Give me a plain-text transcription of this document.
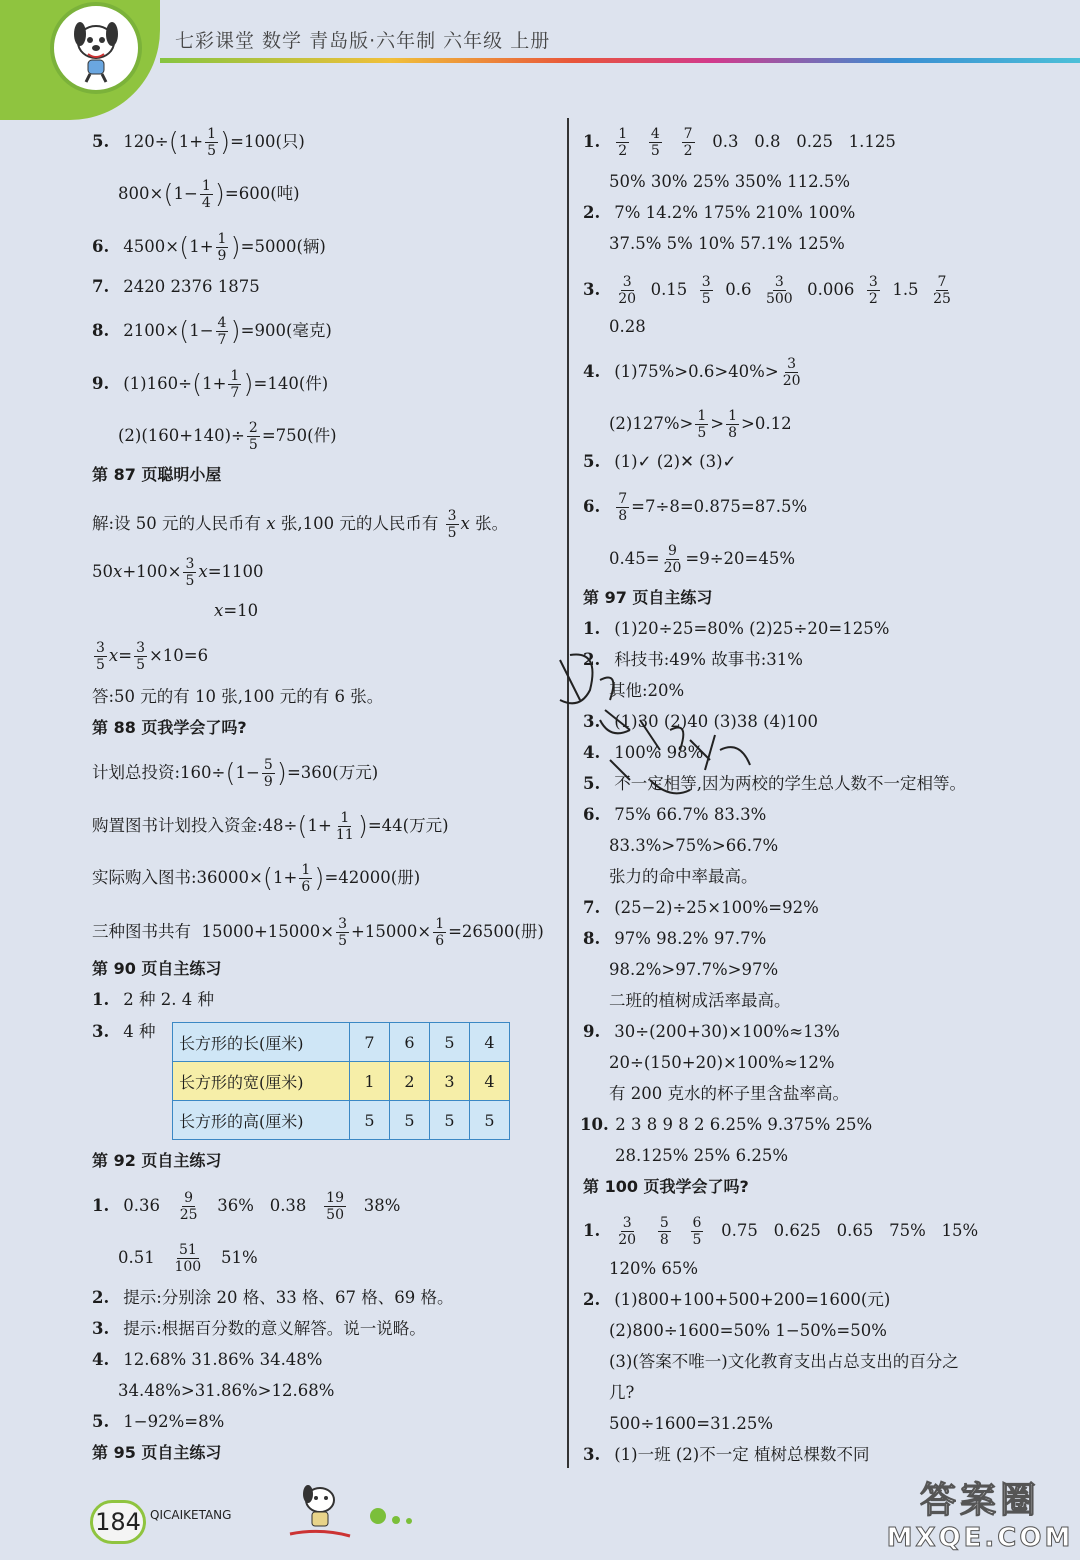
七彩课堂 数学 青岛版·六年制 六年级 上册
5. $120\div(1+ \frac{1}{5} )=100$(只)
$800\times(1- \frac{1}{4} )=600$(吨)
6. $4500\times(1+ \frac{1}{9} )=5000$(辆)
7. 2420 2376 1875
8. $2100\times(1- \frac{4}{7} )=900$(毫克)
9. $(1)160\div(1+ \frac{1}{7} )=140$(件)
$(2)(160+140)\div \frac{2}{5} =750$(件)
第 87 页聪明小屋
解:设 50 元的人民币有 x 张,100 元的人民币有 $\frac{3}{5}$ x 张。
$50x+100\times \frac{3}{5} x=1100$
x=10
$\frac{3}{5} x= \frac{3}{5} \times 10=6$
答:50 元的有 10 张,100 元的有 6 张。
第 88 页我学会了吗?
计划总投资:160÷(1− $\frac{5}{9} )=360$(万元)
购置图书计划投入资金:48÷(1+ $\frac{1}{11} )=44$(万元)
实际购入图书:36000×(1+ $\frac{1}{6} )=42000$(册)
三种图书共有  $15000+15000\times \frac{3}{5} +15000\times \frac{1}{6} =26500$(册)
第 90 页自主练习
1. 2 种 2. 4 种
3. 4 种
长方形的长(厘米)	7	6	5	4
长方形的宽(厘米)	1	2	3	4
长方形的高(厘米)	5	5	5	5
第 92 页自主练习
1. $0.36 \frac{9}{25} 36\%$   $0.38 \frac{19}{50} 38\%$
$0.51 \frac{51}{100} 51\%$
2. 提示:分别涂 20 格、33 格、67 格、69 格。
3. 提示:根据百分数的意义解答。说一说略。
4. 12.68% 31.86% 34.48%
34.48%>31.86%>12.68%
5. 1−92%=8%
第 95 页自主练习
1. $\frac{1}{2}$
$\frac{4}{5}$
$\frac{7}{2} 0.3$   0.8   0.25   1.125
50% 30% 25% 350% 112.5%
2. 7% 14.2% 175% 210% 100%
37.5% 5% 10% 57.1% 125%
3. $\frac{3}{20} 0.15 \frac{3}{5} 0.6 \frac{3}{500} 0.006 \frac{3}{2} 1.5 \frac{7}{25}$
0.28
4. $(1)75\%>0.6>40\%> \frac{3}{20}$
$(2)127\%> \frac{1}{5} > \frac{1}{8} >0.12$
5. (1)✓ (2)✕ (3)✓
6. $\frac{7}{8} =7\div 8=0.875=87.5\%$
$0.45= \frac{9}{20} =9\div 20=45\%$
第 97 页自主练习
1. (1)20÷25=80% (2)25÷20=125%
2. 科技书:49% 故事书:31%
其他:20%
3. (1)30 (2)40 (3)38 (4)100
4. 100% 98%
5. 不一定相等,因为两校的学生总人数不一定相等。
6. 75% 66.7% 83.3%
83.3%>75%>66.7%
张力的命中率最高。
7. (25−2)÷25×100%=92%
8. 97% 98.2% 97.7%
98.2%>97.7%>97%
二班的植树成活率最高。
9. 30÷(200+30)×100%≈13%
20÷(150+20)×100%≈12%
有 200 克水的杯子里含盐率高。
10. 2 3 8 9 8 2 6.25% 9.375% 25%
28.125% 25% 6.25%
第 100 页我学会了吗?
1. $\frac{3}{20}$
$\frac{5}{8}$
$\frac{6}{5} 0.75$   0.625   0.65   75%   15%
120% 65%
2. (1)800+100+500+200=1600(元)
(2)800÷1600=50% 1−50%=50%
(3)(答案不唯一)文化教育支出占总支出的百分之
几?
500÷1600=31.25%
3. (1)一班 (2)不一定 植树总棵数不同
184 QICAIKETANG	答案圈
MXQE.COM
